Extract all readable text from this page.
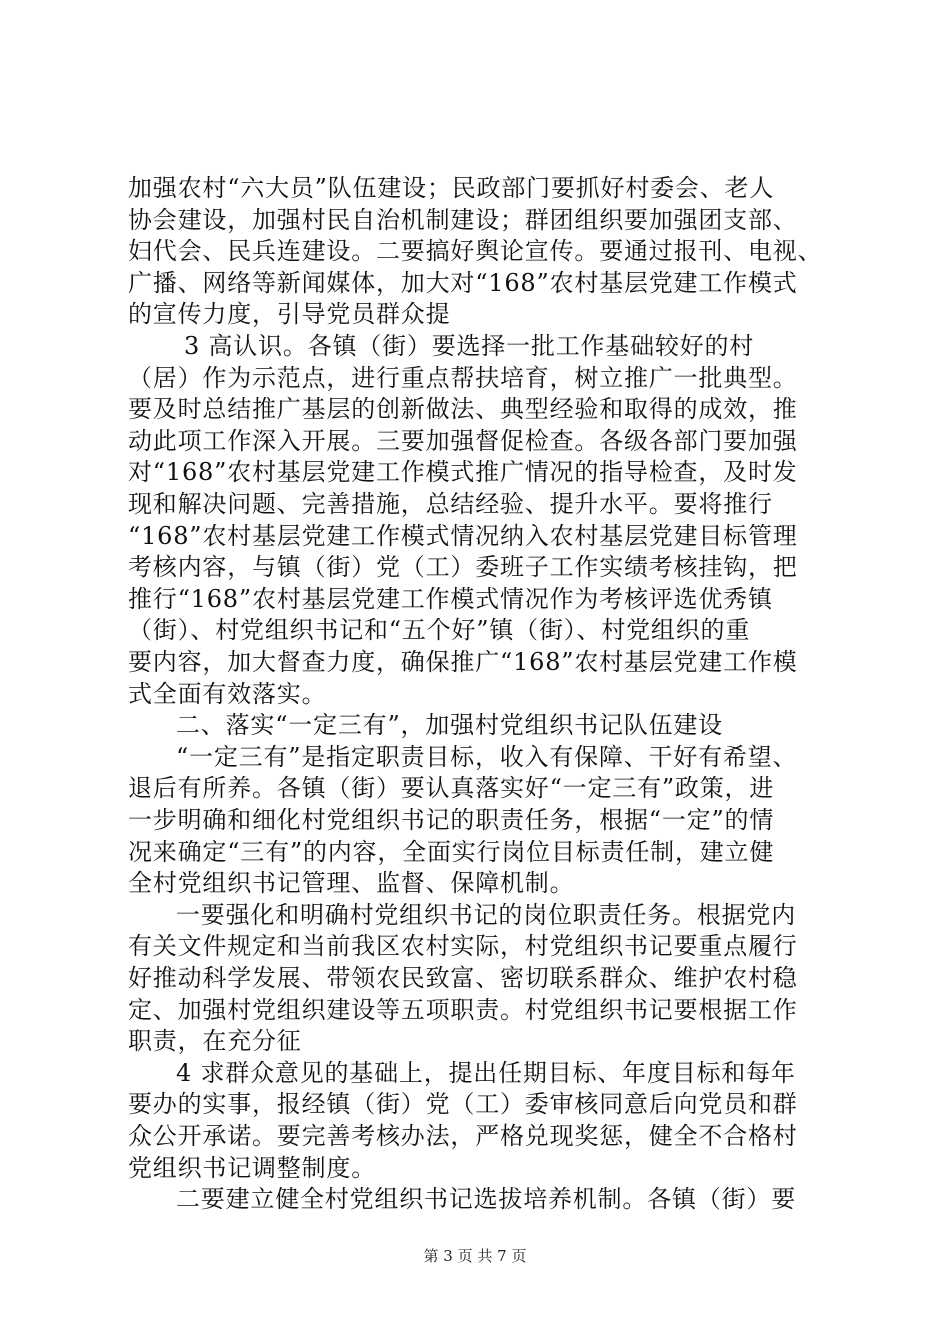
第 3 页 共 7 页
加强农村“六大员”队伍建设；民政部门要抓好村委会、老人
协会建设，加强村民自治机制建设；群团组织要加强团支部、
妇代会、民兵连建设。二要搞好舆论宣传。要通过报刊、电视、
广播、网络等新闻媒体，加大对“168”农村基层党建工作模式
的宣传力度，引导党员群众提
3 高认识。各镇（街）要选择一批工作基础较好的村
（居）作为示范点，进行重点帮扶培育，树立推广一批典型。
要及时总结推广基层的创新做法、典型经验和取得的成效，推
动此项工作深入开展。三要加强督促检查。各级各部门要加强
对“168”农村基层党建工作模式推广情况的指导检查，及时发
现和解决问题、完善措施，总结经验、提升水平。要将推行
“168”农村基层党建工作模式情况纳入农村基层党建目标管理
考核内容，与镇（街）党（工）委班子工作实绩考核挂钩，把
推行“168”农村基层党建工作模式情况作为考核评选优秀镇
（街）、村党组织书记和“五个好”镇（街）、村党组织的重
要内容，加大督查力度，确保推广“168”农村基层党建工作模
式全面有效落实。
二、落实“一定三有”，加强村党组织书记队伍建设
“一定三有”是指定职责目标，收入有保障、干好有希望、
退后有所养。各镇（街）要认真落实好“一定三有”政策，进
一步明确和细化村党组织书记的职责任务，根据“一定”的情
况来确定“三有”的内容，全面实行岗位目标责任制，建立健
全村党组织书记管理、监督、保障机制。
一要强化和明确村党组织书记的岗位职责任务。根据党内
有关文件规定和当前我区农村实际，村党组织书记要重点履行
好推动科学发展、带领农民致富、密切联系群众、维护农村稳
定、加强村党组织建设等五项职责。村党组织书记要根据工作
职责，在充分征
4 求群众意见的基础上，提出任期目标、年度目标和每年
要办的实事，报经镇（街）党（工）委审核同意后向党员和群
众公开承诺。要完善考核办法，严格兑现奖惩，健全不合格村
党组织书记调整制度。
二要建立健全村党组织书记选拔培养机制。各镇（街）要
